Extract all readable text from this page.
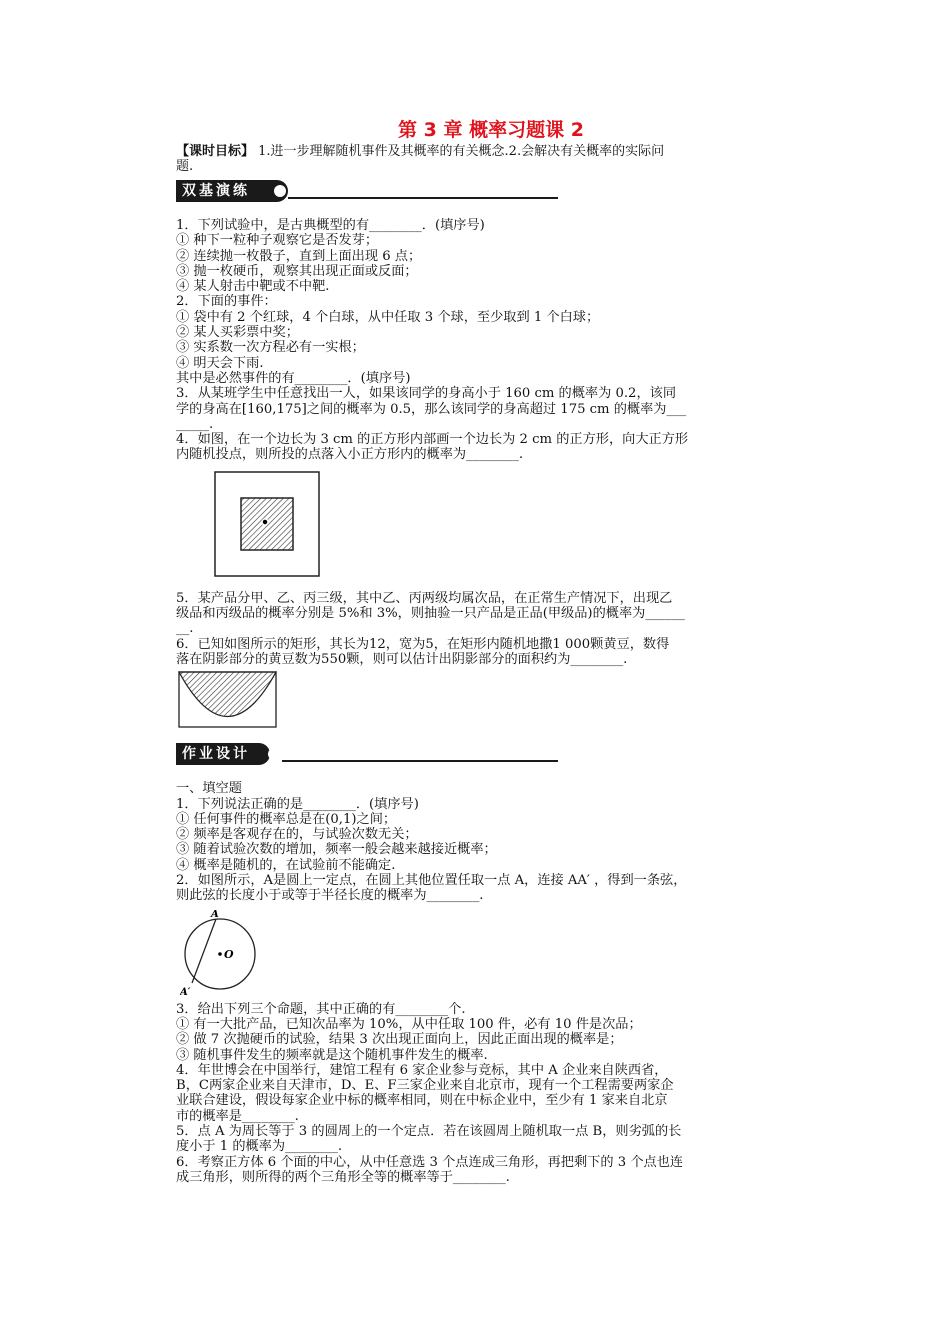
第 3 章 概率习题课 2
【课时目标】 1.进一步理解随机事件及其概率的有关概念.2.会解决有关概率的实际问
题.
双基演练
1．下列试验中，是古典概型的有________．(填序号)
① 种下一粒种子观察它是否发芽；
② 连续抛一枚骰子，直到上面出现 6 点；
③ 抛一枚硬币，观察其出现正面或反面；
④ 某人射击中靶或不中靶.
2．下面的事件：
① 袋中有 2 个红球，4 个白球，从中任取 3 个球，至少取到 1 个白球；
② 某人买彩票中奖；
③ 实系数一次方程必有一实根；
④ 明天会下雨.
其中是必然事件的有________．(填序号)
3．从某班学生中任意找出一人，如果该同学的身高小于 160 cm 的概率为 0.2，该同
学的身高在[160,175]之间的概率为 0.5，那么该同学的身高超过 175 cm 的概率为___
_____.
4．如图，在一个边长为 3 cm 的正方形内部画一个边长为 2 cm 的正方形，向大正方形
内随机投点，则所投的点落入小正方形内的概率为________.
5．某产品分甲、乙、丙三级，其中乙、丙两级均属次品，在正常生产情况下，出现乙
级品和丙级品的概率分别是 5%和 3%，则抽验一只产品是正品(甲级品)的概率为______
__.
6．已知如图所示的矩形，其长为12，宽为5，在矩形内随机地撒1 000颗黄豆，数得
落在阴影部分的黄豆数为550颗，则可以估计出阴影部分的面积约为________.
作业设计
一、填空题
1．下列说法正确的是________．(填序号)
① 任何事件的概率总是在(0,1)之间；
② 频率是客观存在的，与试验次数无关；
③ 随着试验次数的增加，频率一般会越来越接近概率；
④ 概率是随机的，在试验前不能确定.
2．如图所示，A是圆上一定点，在圆上其他位置任取一点 A，连接 AA′ ，得到一条弦，
则此弦的长度小于或等于半径长度的概率为________.
A
O
A′
3．给出下列三个命题，其中正确的有________个.
① 有一大批产品，已知次品率为 10%，从中任取 100 件，必有 10 件是次品；
② 做 7 次抛硬币的试验，结果 3 次出现正面向上，因此正面出现的概率是；
③ 随机事件发生的频率就是这个随机事件发生的概率.
4．年世博会在中国举行，建馆工程有 6 家企业参与竞标，其中 A 企业来自陕西省，
B，C两家企业来自天津市，D、E、F三家企业来自北京市，现有一个工程需要两家企
业联合建设，假设每家企业中标的概率相同，则在中标企业中，至少有 1 家来自北京
市的概率是________.
5．点 A 为周长等于 3 的圆周上的一个定点．若在该圆周上随机取一点 B，则劣弧的长
度小于 1 的概率为________.
6．考察正方体 6 个面的中心，从中任意选 3 个点连成三角形，再把剩下的 3 个点也连
成三角形，则所得的两个三角形全等的概率等于________.
